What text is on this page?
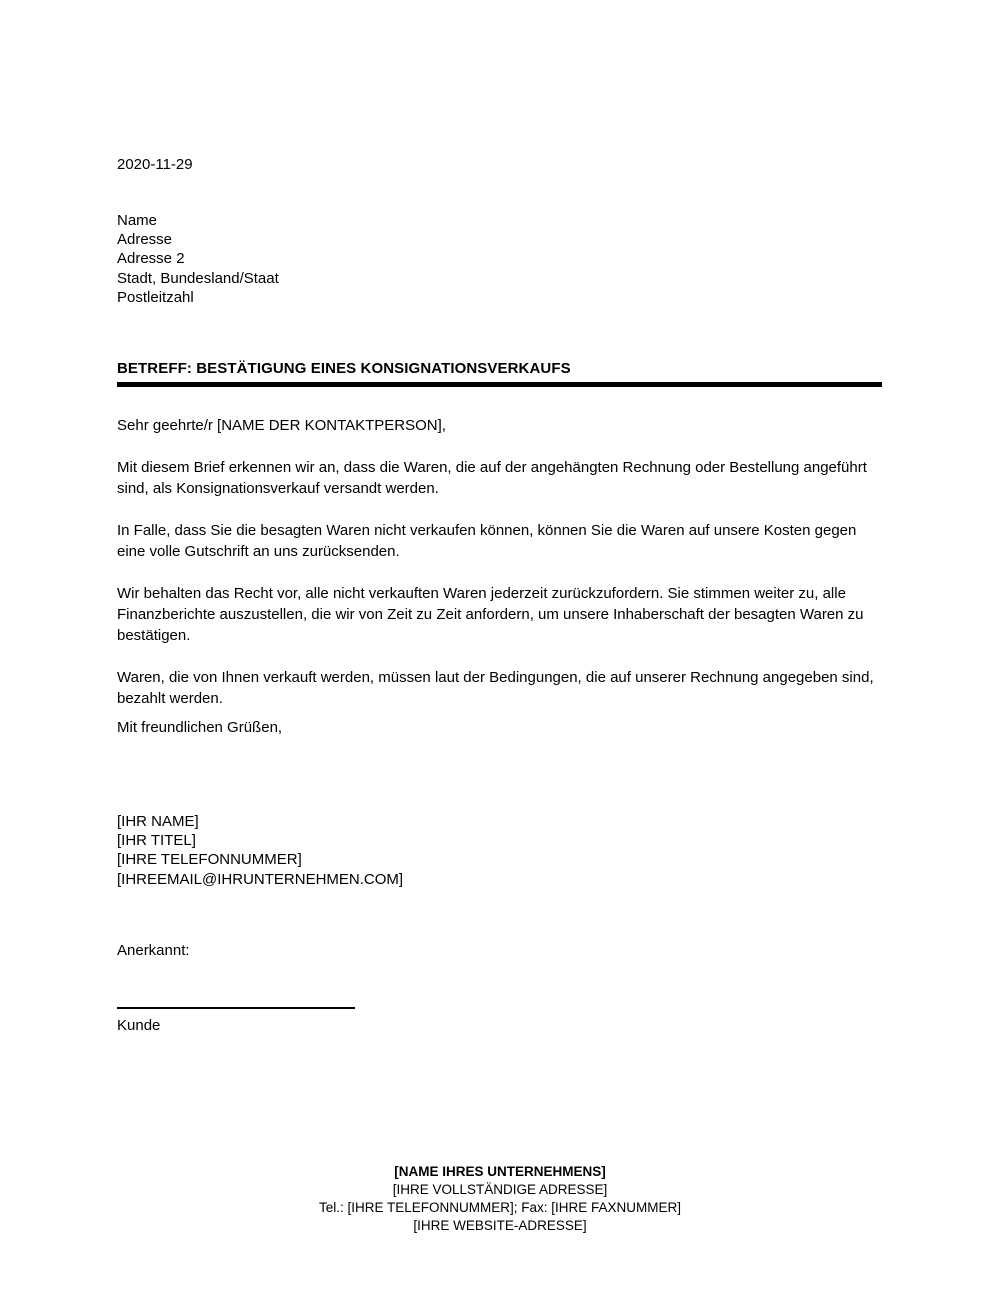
2020-11-29
Name
Adresse
Adresse 2
Stadt, Bundesland/Staat
Postleitzahl
BETREFF: BESTÄTIGUNG EINES KONSIGNATIONSVERKAUFS

Sehr geehrte/r [NAME DER KONTAKTPERSON],

Mit diesem Brief erkennen wir an, dass die Waren, die auf der angehängten Rechnung oder Bestellung angeführt sind, als Konsignationsverkauf versandt werden.

In Falle, dass Sie die besagten Waren nicht verkaufen können, können Sie die Waren auf unsere Kosten gegen eine volle Gutschrift an uns zurücksenden.

Wir behalten das Recht vor, alle nicht verkauften Waren jederzeit zurückzufordern. Sie stimmen weiter zu, alle Finanzberichte auszustellen, die wir von Zeit zu Zeit anfordern, um unsere Inhaberschaft der besagten Waren zu bestätigen.

Waren, die von Ihnen verkauft werden, müssen laut der Bedingungen, die auf unserer Rechnung angegeben sind, bezahlt werden.

Mit freundlichen Grüßen,
[IHR NAME]
[IHR TITEL]
[IHRE TELEFONNUMMER]
[IHREEMAIL@IHRUNTERNEHMEN.COM]
Anerkannt:
Kunde
[NAME IHRES UNTERNEHMENS]
[IHRE VOLLSTÄNDIGE ADRESSE]
Tel.: [IHRE TELEFONNUMMER]; Fax: [IHRE FAXNUMMER]
[IHRE WEBSITE-ADRESSE]
